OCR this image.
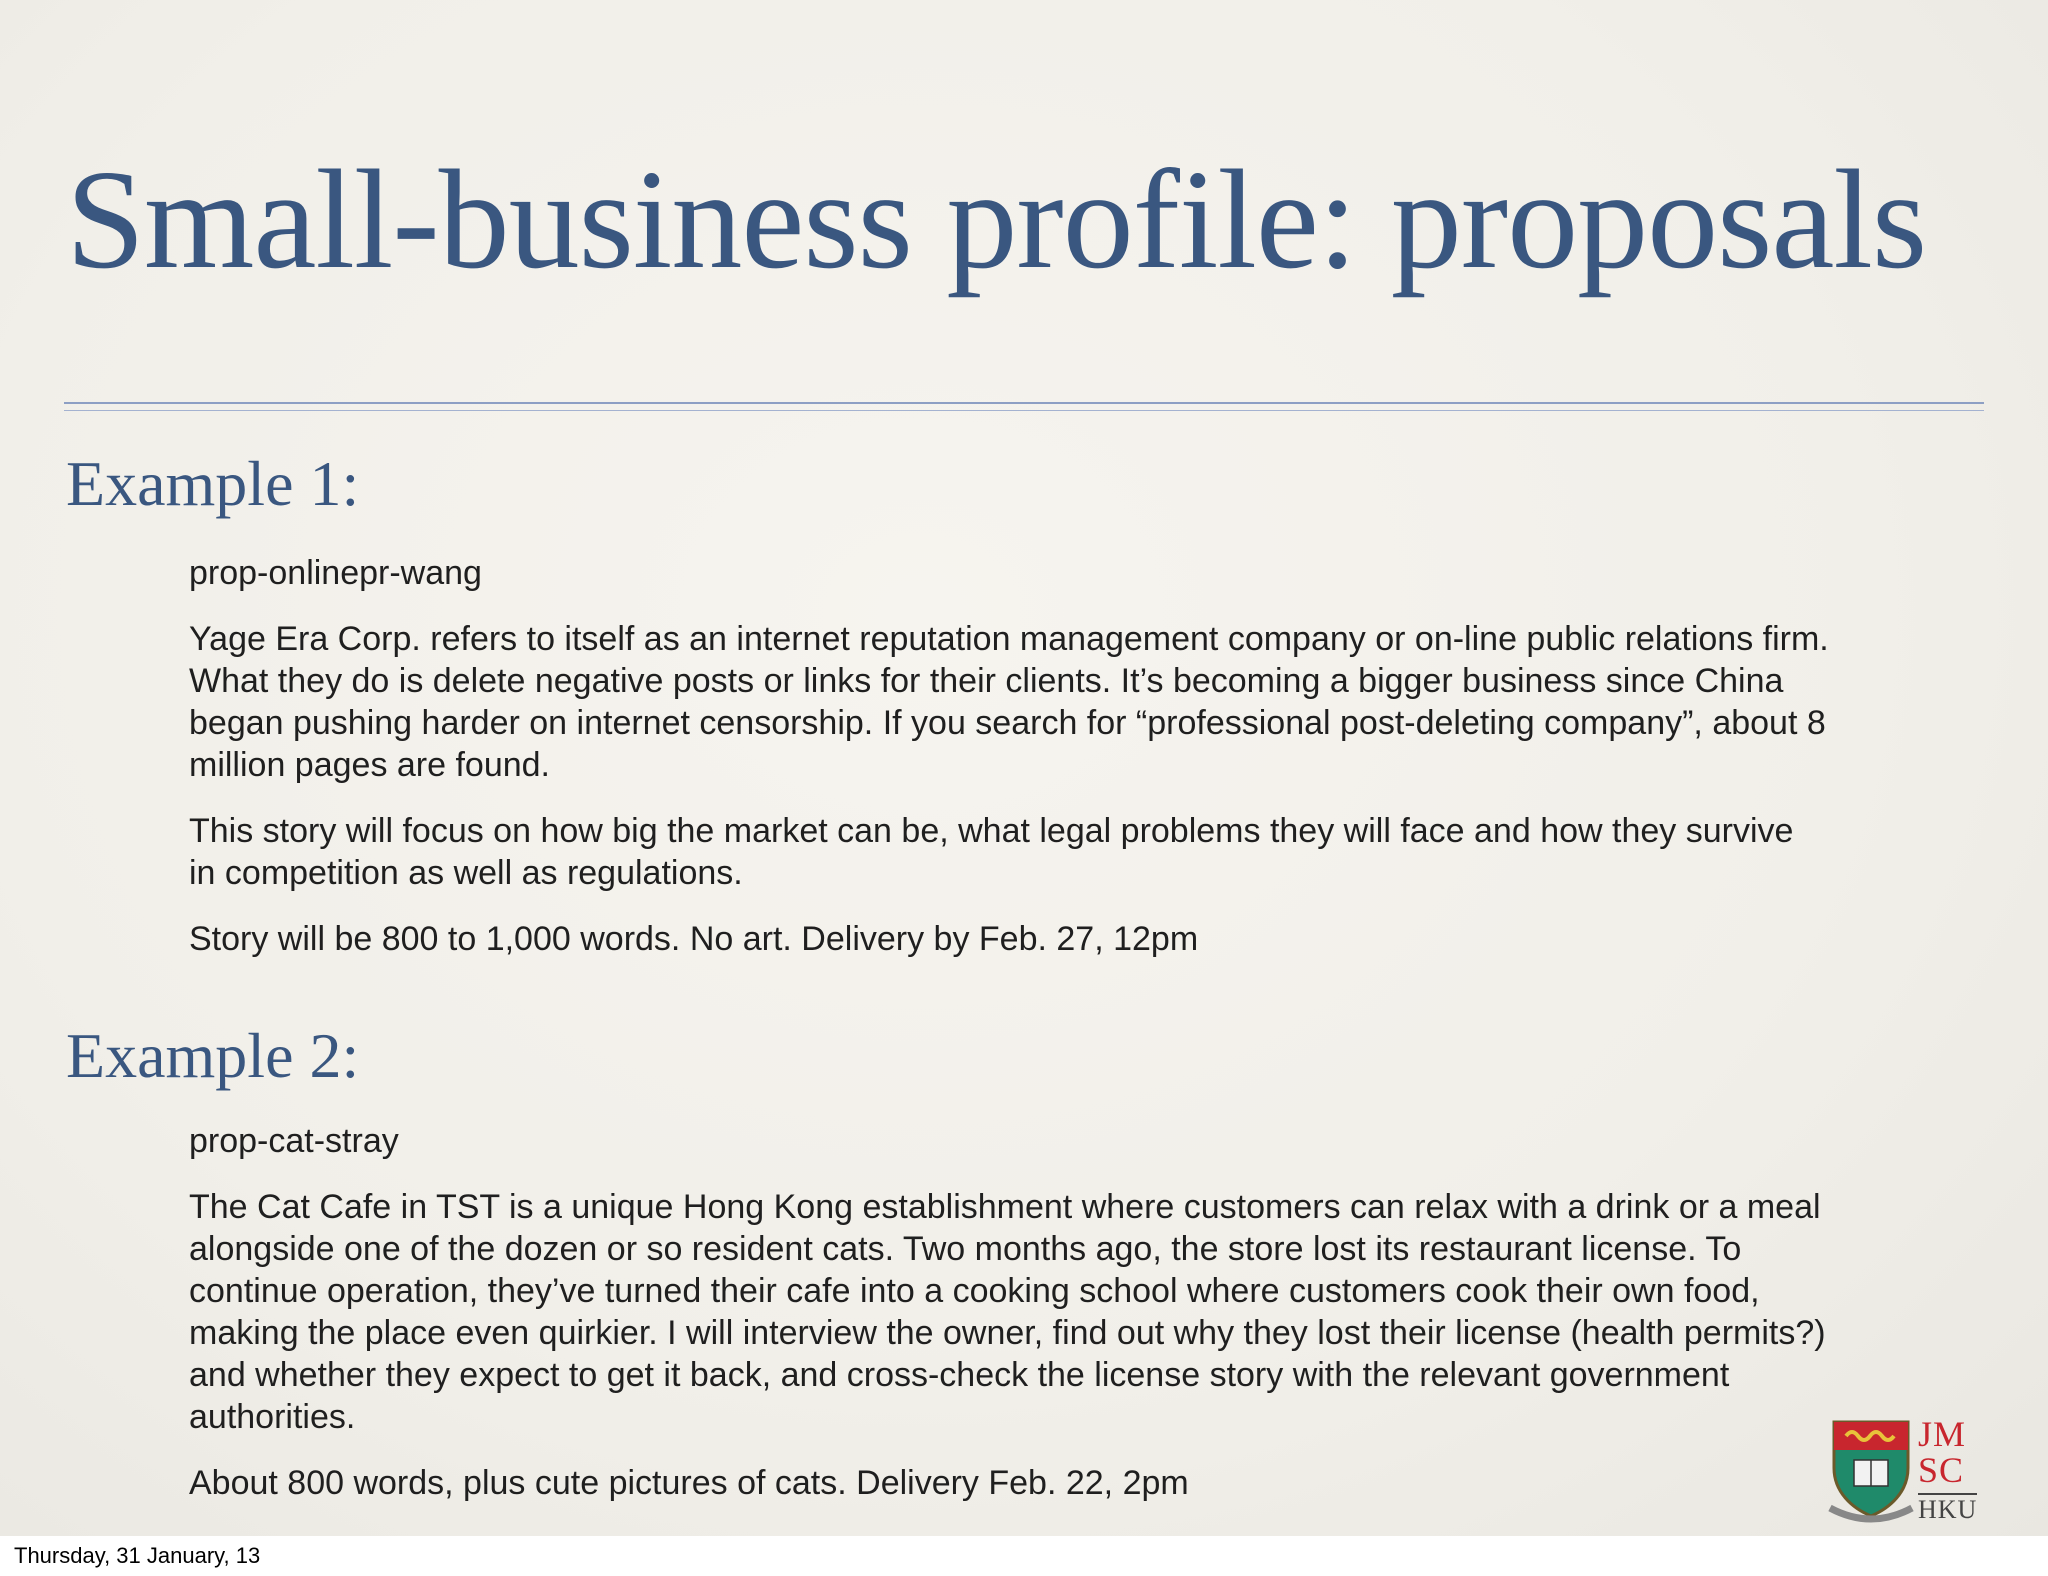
Small-business profile: proposals
Example 1:

prop-onlinepr-wang

Yage Era Corp. refers to itself as an internet reputation management company or on-line public relations firm. What they do is delete negative posts or links for their clients. It’s becoming a bigger business since China began pushing harder on internet censorship. If you search for “professional post-deleting company”, about 8 million pages are found.

This story will focus on how big the market can be, what legal problems they will face and how they survive in competition as well as regulations.

Story will be 800 to 1,000 words. No art. Delivery by Feb. 27, 12pm

Example 2:

prop-cat-stray

The Cat Cafe in TST is a unique Hong Kong establishment where customers can relax with a drink or a meal alongside one of the dozen or so resident cats. Two months ago, the store lost its restaurant license. To continue operation, they’ve turned their cafe into a cooking school where customers cook their own food, making the place even quirkier. I will interview the owner, find out why they lost their license (health permits?) and whether they expect to get it back, and cross-check the license story with the relevant government authorities.

About 800 words, plus cute pictures of cats. Delivery Feb. 22, 2pm

JM
SC
HKU
Thursday, 31 January, 13
